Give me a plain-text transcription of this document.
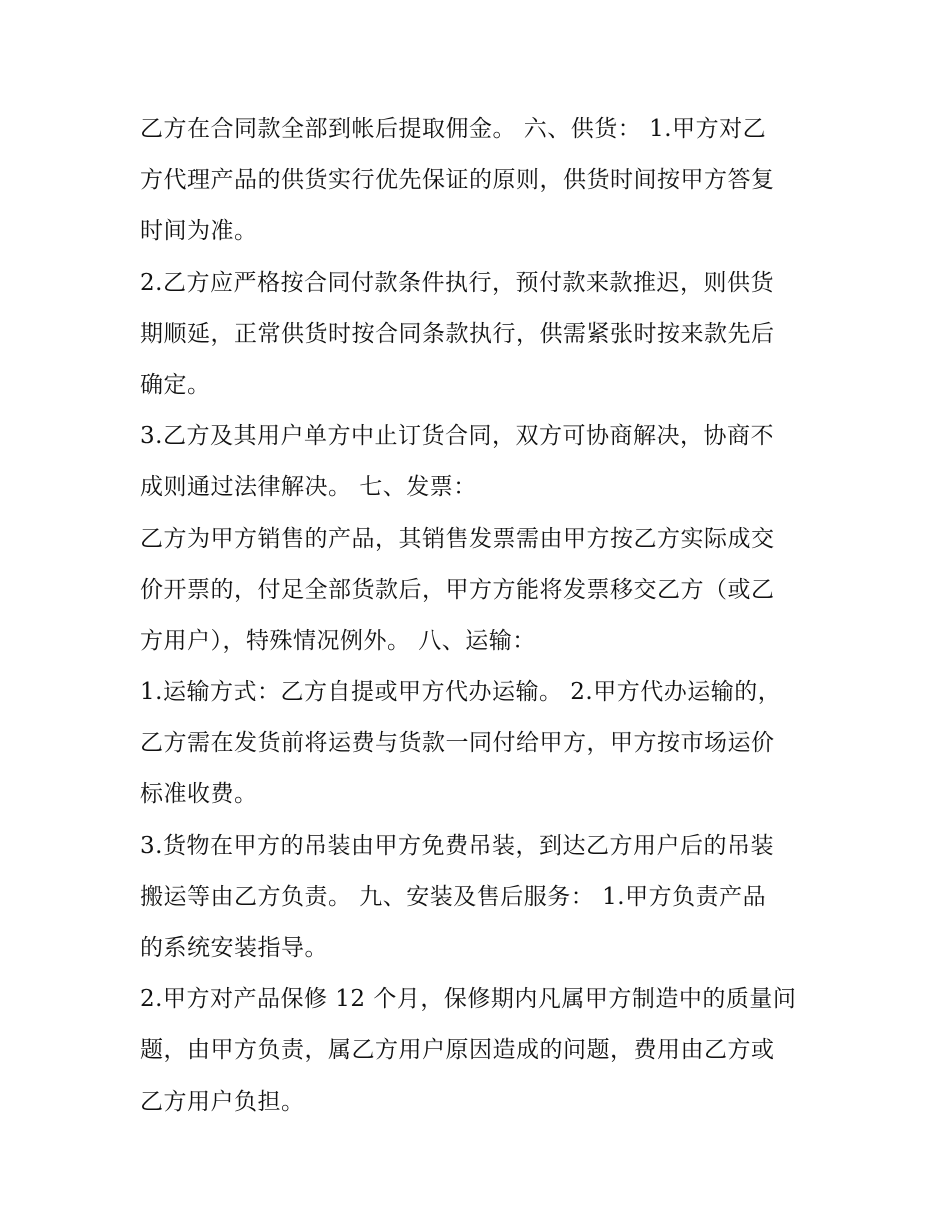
乙方在合同款全部到帐后提取佣金。 六、供货： 1.甲方对乙
方代理产品的供货实行优先保证的原则，供货时间按甲方答复
时间为准。
2.乙方应严格按合同付款条件执行，预付款来款推迟，则供货
期顺延，正常供货时按合同条款执行，供需紧张时按来款先后
确定。
3.乙方及其用户单方中止订货合同，双方可协商解决，协商不
成则通过法律解决。 七、发票：
乙方为甲方销售的产品，其销售发票需由甲方按乙方实际成交
价开票的，付足全部货款后，甲方方能将发票移交乙方（或乙
方用户），特殊情况例外。 八、运输：
1.运输方式：乙方自提或甲方代办运输。 2.甲方代办运输的，
乙方需在发货前将运费与货款一同付给甲方，甲方按市场运价
标准收费。
3.货物在甲方的吊装由甲方免费吊装，到达乙方用户后的吊装
搬运等由乙方负责。 九、安装及售后服务： 1.甲方负责产品
的系统安装指导。
2.甲方对产品保修 12 个月，保修期内凡属甲方制造中的质量问
题，由甲方负责，属乙方用户原因造成的问题，费用由乙方或
乙方用户负担。
